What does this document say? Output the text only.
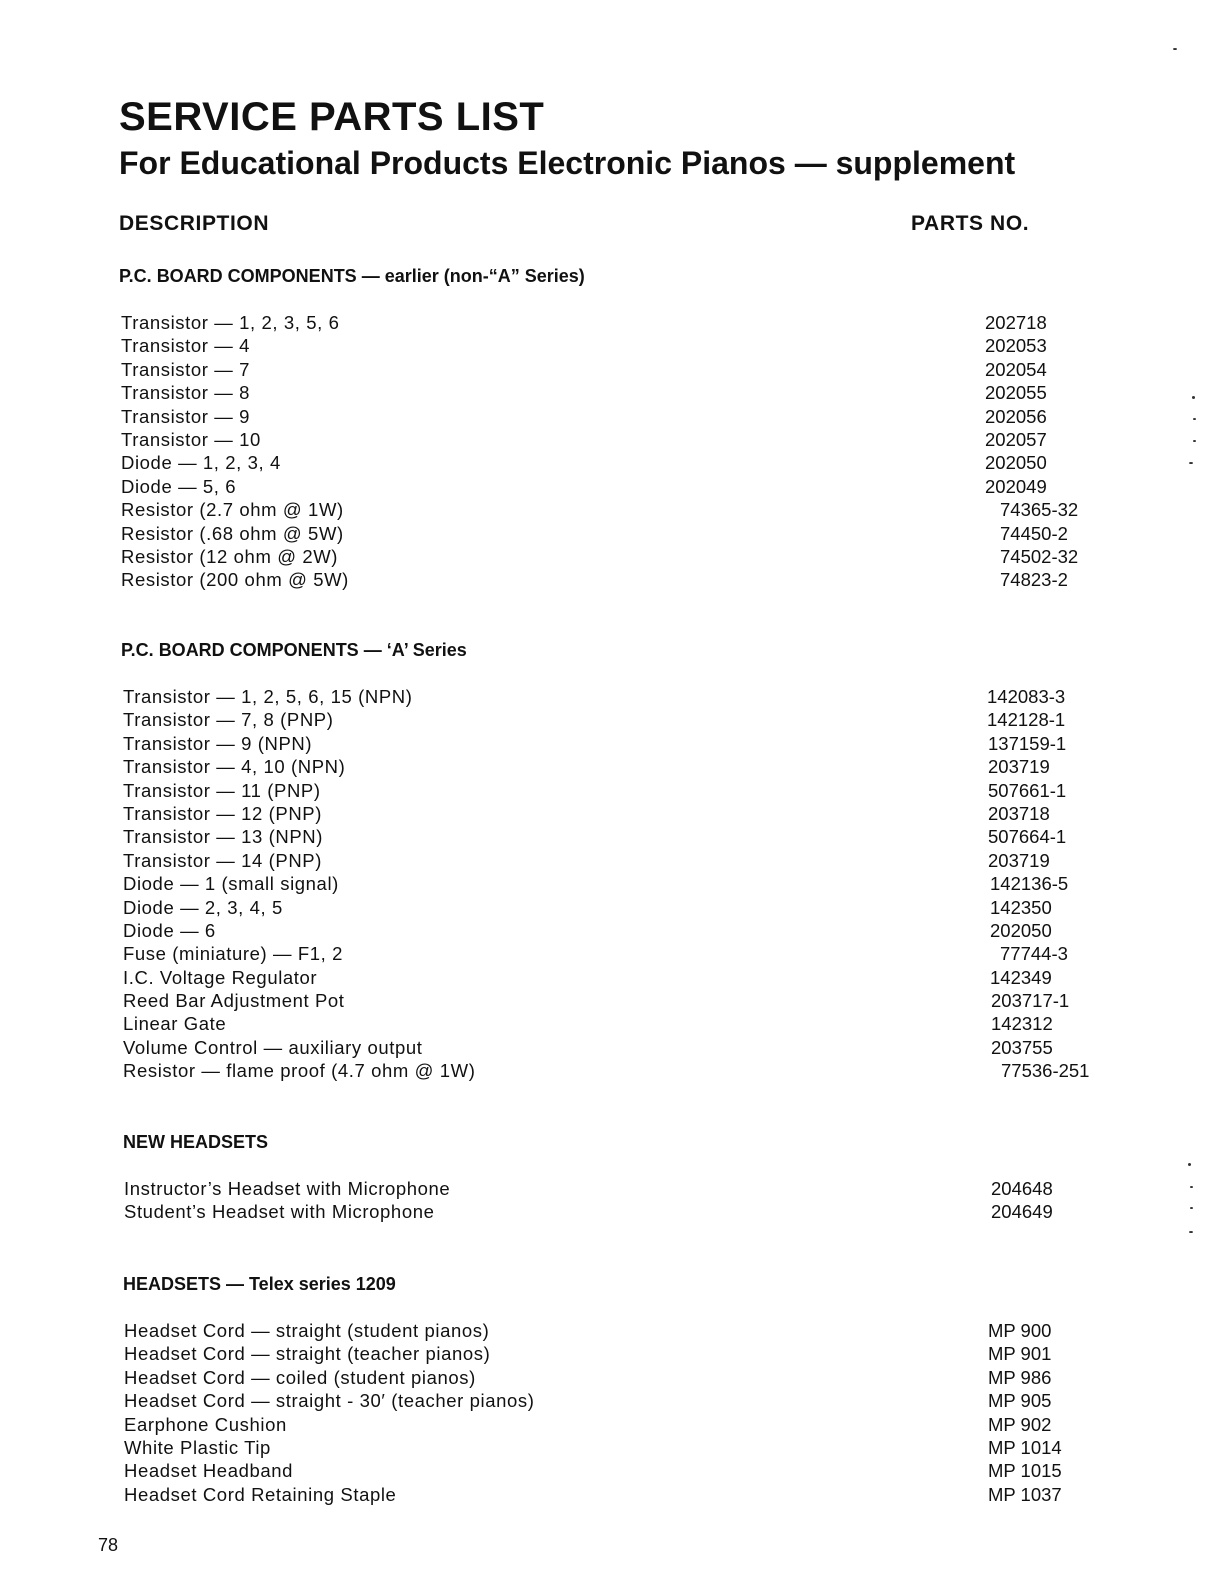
SERVICE PARTS LIST
For Educational Products Electronic Pianos — supplement
DESCRIPTION	PARTS NO.
P.C. BOARD COMPONENTS — earlier (non-“A” Series)
Transistor — 1, 2, 3, 5, 6	202718
Transistor — 4	202053
Transistor — 7	202054
Transistor — 8	202055
Transistor — 9	202056
Transistor — 10	202057
Diode — 1, 2, 3, 4	202050
Diode — 5, 6	202049
Resistor (2.7 ohm @ 1W)	74365-32
Resistor (.68 ohm @ 5W)	74450-2
Resistor (12 ohm @ 2W)	74502-32
Resistor (200 ohm @ 5W)	74823-2
P.C. BOARD COMPONENTS — ‘A’ Series
Transistor — 1, 2, 5, 6, 15 (NPN)	142083-3
Transistor — 7, 8 (PNP)	142128-1
Transistor — 9 (NPN)	137159-1
Transistor — 4, 10 (NPN)	203719
Transistor — 11 (PNP)	507661-1
Transistor — 12 (PNP)	203718
Transistor — 13 (NPN)	507664-1
Transistor — 14 (PNP)	203719
Diode — 1 (small signal)	142136-5
Diode — 2, 3, 4, 5	142350
Diode — 6	202050
Fuse (miniature) — F1, 2	77744-3
I.C. Voltage Regulator	142349
Reed Bar Adjustment Pot	203717-1
Linear Gate	142312
Volume Control — auxiliary output	203755
Resistor — flame proof (4.7 ohm @ 1W)	77536-251
NEW HEADSETS
Instructor’s Headset with Microphone	204648
Student’s Headset with Microphone	204649
HEADSETS — Telex series 1209
Headset Cord — straight (student pianos)	MP 900
Headset Cord — straight (teacher pianos)	MP 901
Headset Cord — coiled (student pianos)	MP 986
Headset Cord — straight - 30′ (teacher pianos)	MP 905
Earphone Cushion	MP 902
White Plastic Tip	MP 1014
Headset Headband	MP 1015
Headset Cord Retaining Staple	MP 1037
78
